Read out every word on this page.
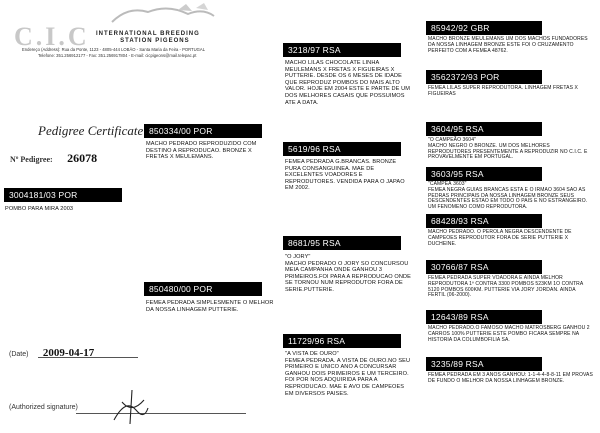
C.I.C INTERNATIONAL BREEDING
STATION PIGEONS
Endereço (Address): Rua da Ponte, 1123 - 4805-444 LOBÃO - Santa Maria da Feira - PORTUGAL
Telefone: 351.256912177 - Fax: 351.256917804 - E-mail: cicpigeons@mail.telepac.pt
Pedigree Certificate
Nº Pedigree: 26078
3004181/03 POR
POMBO PARA MIRA 2003
850334/00 POR
MACHO PEDRADO REPRODUZIDO COM DESTINO A REPRODUCAO. BRONZE X FRETAS X MEULEMANS.
850480/00 POR
FEMEA PEDRADA SIMPLESMENTE O MELHOR DA NOSSA LINHAGEM PUTTERIE.
3218/97 RSA
MACHO LILAS CHOCOLATE LINHA MEULEMANS X FRETAS X FIGUEIRAS X PUTTERIE. DESDE OS 6 MESES DE IDADE QUE REPRODUZ POMBOS DO MAIS ALTO VALOR. HOJE EM 2004 ESTE E PARTE DE UM DOS MELHORES CASAIS QUE POSSUIMOS ATE A DATA.
5619/96 RSA
FEMEA PEDRADA G.BRANCAS. BRONZE PURA CONSANGUINEA. MAE DE EXCELENTES VOADORES E REPRODUTORES. VENDIDA PARA O JAPAO EM 2002.
8681/95 RSA
"O JORY"
MACHO PEDRADO O JORY SO CONCURSOU MEIA CAMPANHA ONDE GANHOU 3 PRIMEIROS.FOI PARA A REPRODUCAO ONDE SE TORNOU NUM REPRODUTOR FORA DE SERIE.PUTTERIE.
11729/96 RSA
"A VISTA DE OURO"
FEMEA PEDRADA. A VISTA DE OURO.NO SEU PRIMEIRO E UNICO ANO A CONCURSAR GANHOU DOIS PRIMEIROS E UM TERCEIRO. FOI POR NOS ADQUIRIDA PARA A REPRODUCAO. MAE E AVO DE CAMPEOES EM DIVERSOS PAISES.
85942/92 GBR
MACHO BRONZE MEULEMANS UM DOS MACHOS FUNDADORES DA NOSSA LINHAGEM BRONZE ESTE FOI O CRUZAMENTO PERFEITO COM A FEMEA 48762.
3562372/93 POR
FEMEA LILAS SUPER REPRODUTORA. LINHAGEM FRETAS X FIGUEIRAS
3604/95 RSA
"O CAMPEÃO 3604"
MACHO NEGRO O BRONZE. UM DOS MELHORES REPRODUTORES PRESENTEMENTE A REPRODUZIR NO C.I.C. E PROVAVELMENTE EM PORTUGAL.
3603/95 RSA
"CAMPEÃ 3603"
FEMEA NEGRA GUIAS BRANCAS ESTA E O IRMAO 3604 SAO AS PEDRAS PRINCIPAIS DA NOSSA LINHAGEM BRONZE SEUS DESCENDENTES ESTAO EM TODO O PAIS E NO ESTRANGEIRO. UM FENOMENO COMO REPRODUTORA.
68428/93 RSA
MACHO PEDRADO. O PEROLA NEGRA DESCENDENTE DE CAMPEOES REPRODUTOR FORA DE SERIE PUTTERIE X DUCHEINE.
30766/87 RSA
FEMEA PEDRADA SUPER VOADORA E AINDA MELHOR REPRODUTORA 1º CONTRA 3300 POMBOS 523KM 1O CONTRA 5120 POMBOS 600KM. PUTTERIE VIA JORY JORDAN. AINDA FERTIL (06-2000).
12643/89 RSA
MACHO PEDRADO.O FAMOSO MACHO MATROSBERG GANHOU 2 CARROS 100% PUTTERIE ESTE POMBO FICARA SEMPRE NA HISTORIA DA COLUMBOFILIA SA.
3235/89 RSA
FEMEA PEDRADA EM 3 ANOS GANHOU: 1-1-4-4-8-8-11 EM PROVAS DE FUNDO O MELHOR DA NOSSA LINHAGEM BRONZE.
(Date) 2009-04-17
(Authorized signature)
